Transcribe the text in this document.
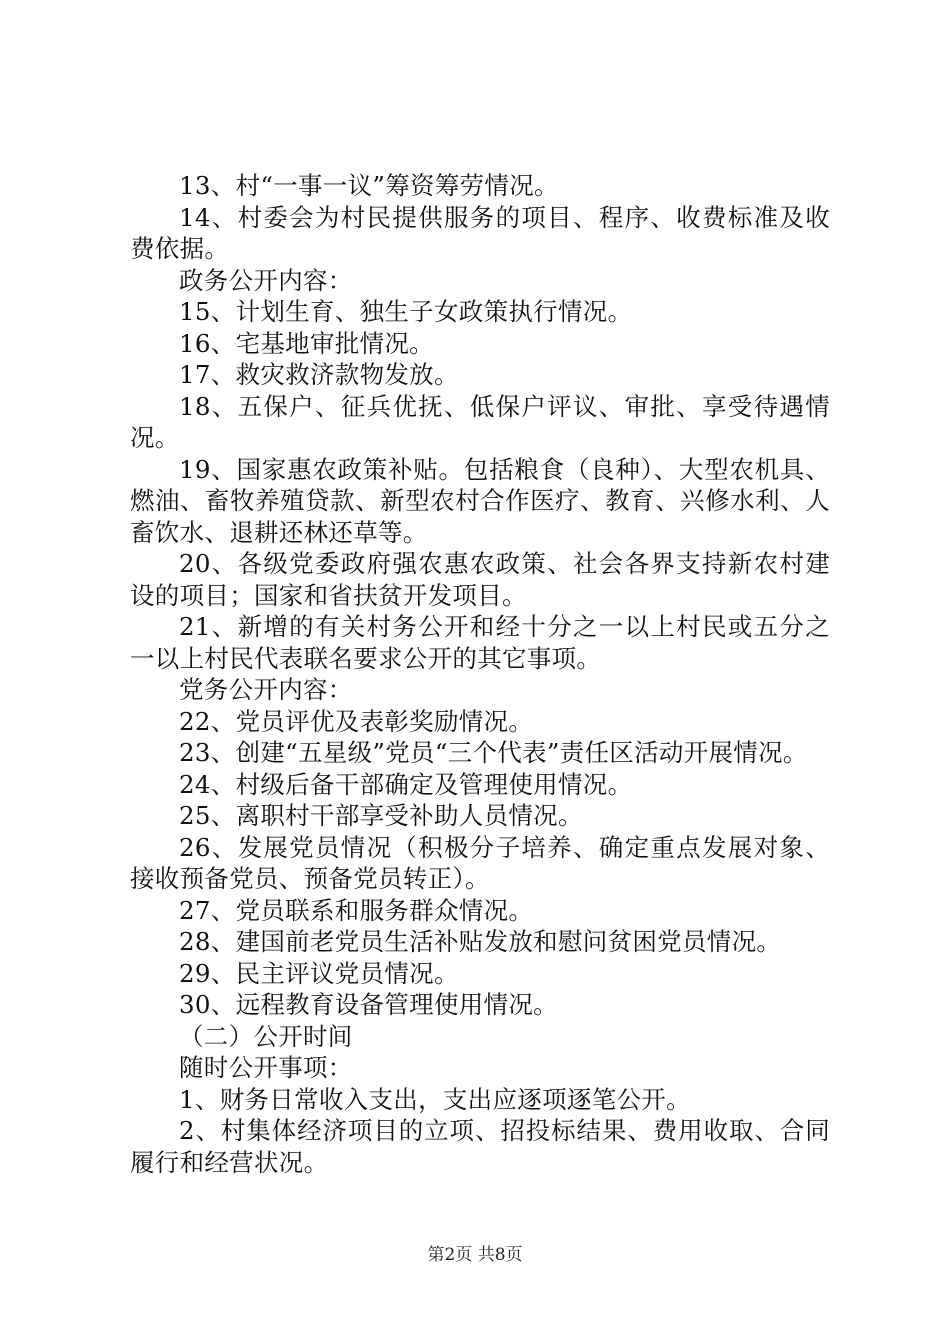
13、村“一事一议”筹资筹劳情况。

14、村委会为村民提供服务的项目、程序、收费标准及收费依据。

政务公开内容：

15、计划生育、独生子女政策执行情况。

16、宅基地审批情况。

17、救灾救济款物发放。

18、五保户、征兵优抚、低保户评议、审批、享受待遇情况。

19、国家惠农政策补贴。包括粮食（良种）、大型农机具、燃油、畜牧养殖贷款、新型农村合作医疗、教育、兴修水利、人畜饮水、退耕还林还草等。

20、各级党委政府强农惠农政策、社会各界支持新农村建设的项目；国家和省扶贫开发项目。

21、新增的有关村务公开和经十分之一以上村民或五分之一以上村民代表联名要求公开的其它事项。

党务公开内容：

22、党员评优及表彰奖励情况。

23、创建“五星级”党员“三个代表”责任区活动开展情况。

24、村级后备干部确定及管理使用情况。

25、离职村干部享受补助人员情况。

26、发展党员情况（积极分子培养、确定重点发展对象、接收预备党员、预备党员转正）。

27、党员联系和服务群众情况。

28、建国前老党员生活补贴发放和慰问贫困党员情况。

29、民主评议党员情况。

30、远程教育设备管理使用情况。

（二）公开时间

随时公开事项：

1、财务日常收入支出，支出应逐项逐笔公开。

2、村集体经济项目的立项、招投标结果、费用收取、合同履行和经营状况。

第2页 共8页
